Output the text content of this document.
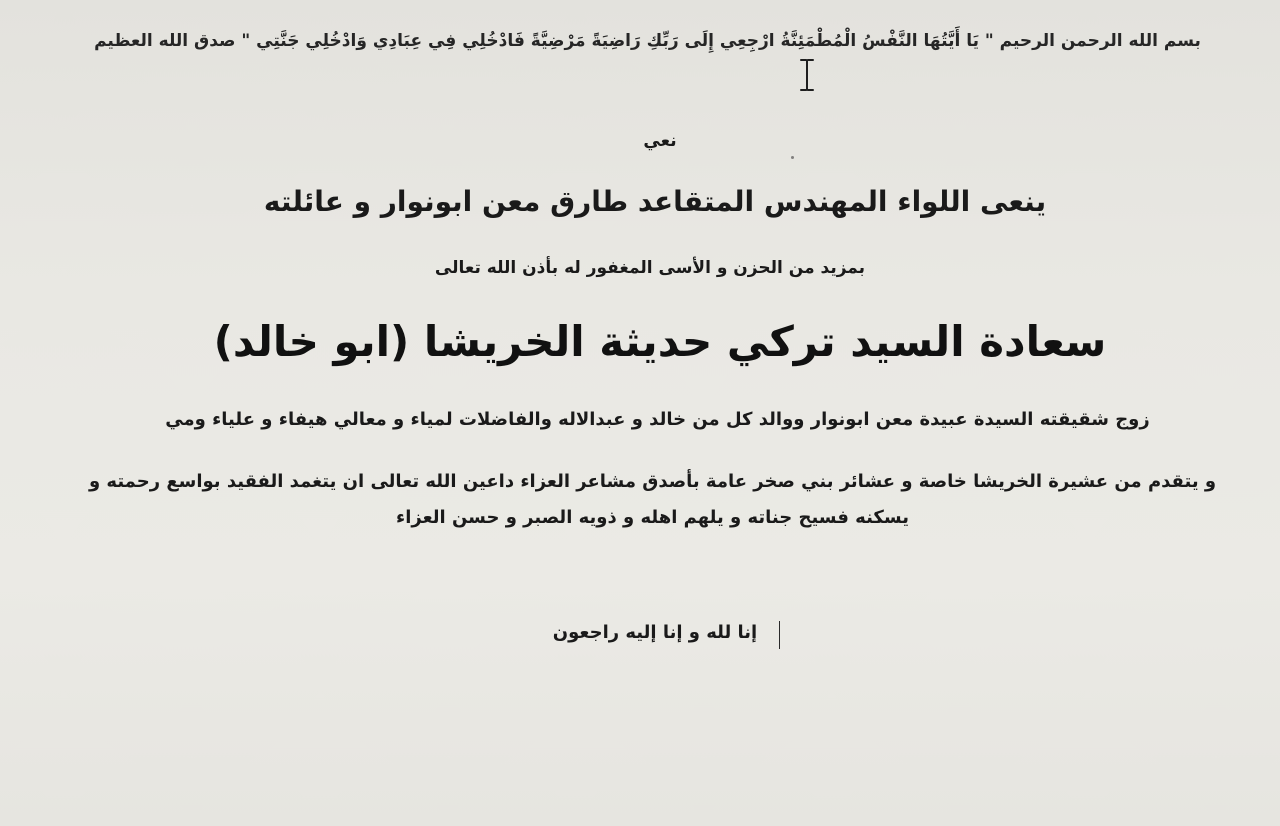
بسم الله الرحمن الرحيم " يَا أَيَّتُهَا النَّفْسُ الْمُطْمَئِنَّةُ ارْجِعِي إِلَى رَبِّكِ رَاضِيَةً مَرْضِيَّةً فَادْخُلِي فِي عِبَادِي وَادْخُلِي جَنَّتِي " صدق الله العظيم

نعي

ينعى اللواء المهندس المتقاعد طارق معن ابونوار و عائلته

بمزيد من الحزن و الأسى المغفور له بأذن الله تعالى

سعادة السيد تركي حديثة الخريشا (ابو خالد)

زوج شقيقته السيدة عبيدة معن ابونوار ووالد كل من خالد و عبدالاله والفاضلات لمياء و معالي هيفاء و علياء ومي

و يتقدم من عشيرة الخريشا خاصة و عشائر بني صخر عامة بأصدق مشاعر العزاء داعين الله تعالى ان يتغمد الفقيد بواسع رحمته و يسكنه فسيح جناته و يلهم اهله و ذويه الصبر و حسن العزاء

إنا لله و إنا إليه راجعون
